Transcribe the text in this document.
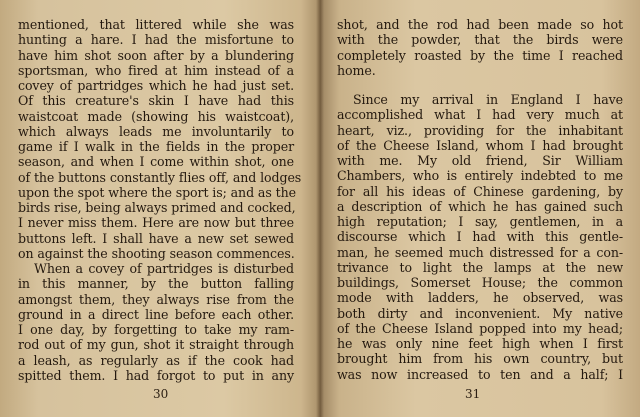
mentioned, that littered while she was
hunting a hare. I had the misfortune to
have him shot soon after by a blundering
sportsman, who fired at him instead of a
covey of partridges which he had just set.
Of this creature's skin I have had this
waistcoat made (showing his waistcoat),
which always leads me involuntarily to
game if I walk in the fields in the proper
season, and when I come within shot, one
of the buttons constantly flies off, and lodges
upon the spot where the sport is; and as the
birds rise, being always primed and cocked,
I never miss them. Here are now but three
buttons left. I shall have a new set sewed
on against the shooting season commences.
When a covey of partridges is disturbed
in this manner, by the button falling
amongst them, they always rise from the
ground in a direct line before each other.
I one day, by forgetting to take my ram-
rod out of my gun, shot it straight through
a leash, as regularly as if the cook had
spitted them. I had forgot to put in any
30
shot, and the rod had been made so hot
with the powder, that the birds were
completely roasted by the time I reached
home.
Since my arrival in England I have
accomplished what I had very much at
heart, viz., providing for the inhabitant
of the Cheese Island, whom I had brought
with me. My old friend, Sir William
Chambers, who is entirely indebted to me
for all his ideas of Chinese gardening, by
a description of which he has gained such
high reputation; I say, gentlemen, in a
discourse which I had with this gentle-
man, he seemed much distressed for a con-
trivance to light the lamps at the new
buildings, Somerset House; the common
mode with ladders, he observed, was
both dirty and inconvenient. My native
of the Cheese Island popped into my head;
he was only nine feet high when I first
brought him from his own country, but
was now increased to ten and a half; I
31
